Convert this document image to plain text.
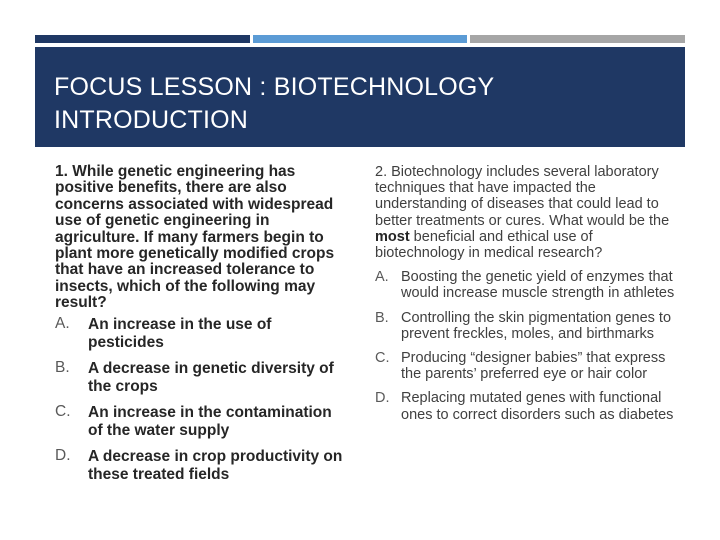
FOCUS LESSON : BIOTECHNOLOGY INTRODUCTION

1. While genetic engineering has positive benefits, there are also concerns associated with widespread use of genetic engineering in agriculture. If many farmers begin to plant more genetically modified crops that have an increased tolerance to insects, which of the following may result?

A.	An increase in the use of pesticides
B.	A decrease in genetic diversity of the crops
C.	An increase in the contamination of the water supply
D.	A decrease in crop productivity on these treated fields

2. Biotechnology includes several laboratory techniques that have impacted the understanding of diseases that could lead to better treatments or cures. What would be the most beneficial and ethical use of biotechnology in medical research?

A. Boosting the genetic yield of enzymes that would increase muscle strength in athletes
B. Controlling the skin pigmentation genes to prevent freckles, moles, and birthmarks
C. Producing “designer babies” that express the parents’ preferred eye or hair color
D. Replacing mutated genes with functional ones to correct disorders such as diabetes
